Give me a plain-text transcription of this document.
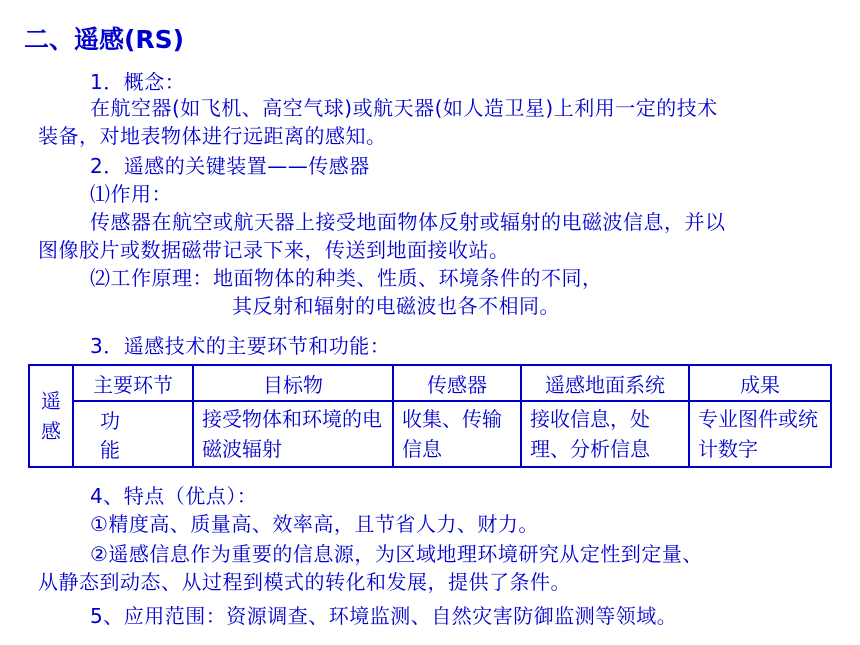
二、遥感(RS)
1．概念：
在航空器(如飞机、高空气球)或航天器(如人造卫星)上利用一定的技术
装备，对地表物体进行远距离的感知。
2．遥感的关键装置——传感器
⑴作用：
传感器在航空或航天器上接受地面物体反射或辐射的电磁波信息，并以
图像胶片或数据磁带记录下来，传送到地面接收站。
⑵工作原理：地面物体的种类、性质、环境条件的不同，
其反射和辐射的电磁波也各不相同。
3．遥感技术的主要环节和功能：
遥感	主要环节	目标物	传感器	遥感地面系统	成果
	功能	接受物体和环境的电磁波辐射	收集、传输信息	接收信息，处理、分析信息	专业图件或统计数字
4、特点（优点）：
①精度高、质量高、效率高，且节省人力、财力。
②遥感信息作为重要的信息源，为区域地理环境研究从定性到定量、
从静态到动态、从过程到模式的转化和发展，提供了条件。
5、应用范围：资源调查、环境监测、自然灾害防御监测等领域。
